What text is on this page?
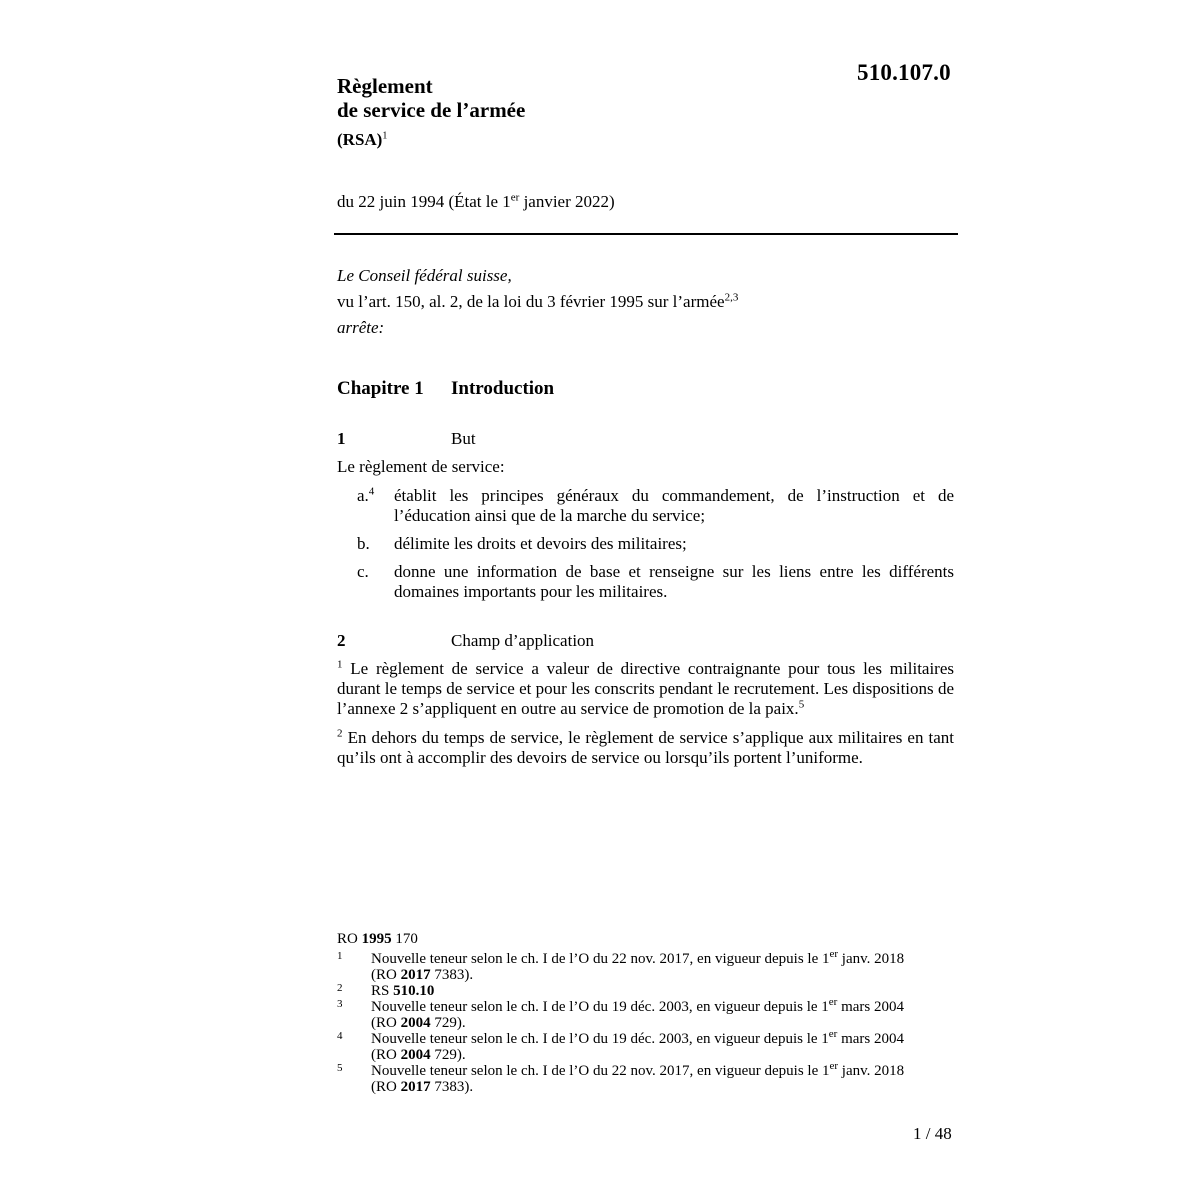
510.107.0
Règlement
de service de l’armée
(RSA)$^1$
du 22 juin 1994 (État le 1er janvier 2022)
Le Conseil fédéral suisse,
vu l’art. 150, al. 2, de la loi du 3 février 1995 sur l’armée$^{2,3}$
arrête:
Chapitre 1 Introduction
1	But
Le règlement de service:
a.$^4$ établit les principes généraux du commandement, de l’instruction et de l’éducation ainsi que de la marche du service;
b. délimite les droits et devoirs des militaires;
c. donne une information de base et renseigne sur les liens entre les différents domaines importants pour les militaires.
2	Champ d’application
$^1$ Le règlement de service a valeur de directive contraignante pour tous les militaires durant le temps de service et pour les conscrits pendant le recrutement. Les dispositions de l’annexe 2 s’appliquent en outre au service de promotion de la paix.$^5$
$^2$ En dehors du temps de service, le règlement de service s’applique aux militaires en tant qu’ils ont à accomplir des devoirs de service ou lorsqu’ils portent l’uniforme.
RO 1995 170
1 Nouvelle teneur selon le ch. I de l’O du 22 nov. 2017, en vigueur depuis le 1er janv. 2018
(RO 2017 7383).
2 RS 510.10
3 Nouvelle teneur selon le ch. I de l’O du 19 déc. 2003, en vigueur depuis le 1er mars 2004
(RO 2004 729).
4 Nouvelle teneur selon le ch. I de l’O du 19 déc. 2003, en vigueur depuis le 1er mars 2004
(RO 2004 729).
5 Nouvelle teneur selon le ch. I de l’O du 22 nov. 2017, en vigueur depuis le 1er janv. 2018
(RO 2017 7383).
1 / 48
